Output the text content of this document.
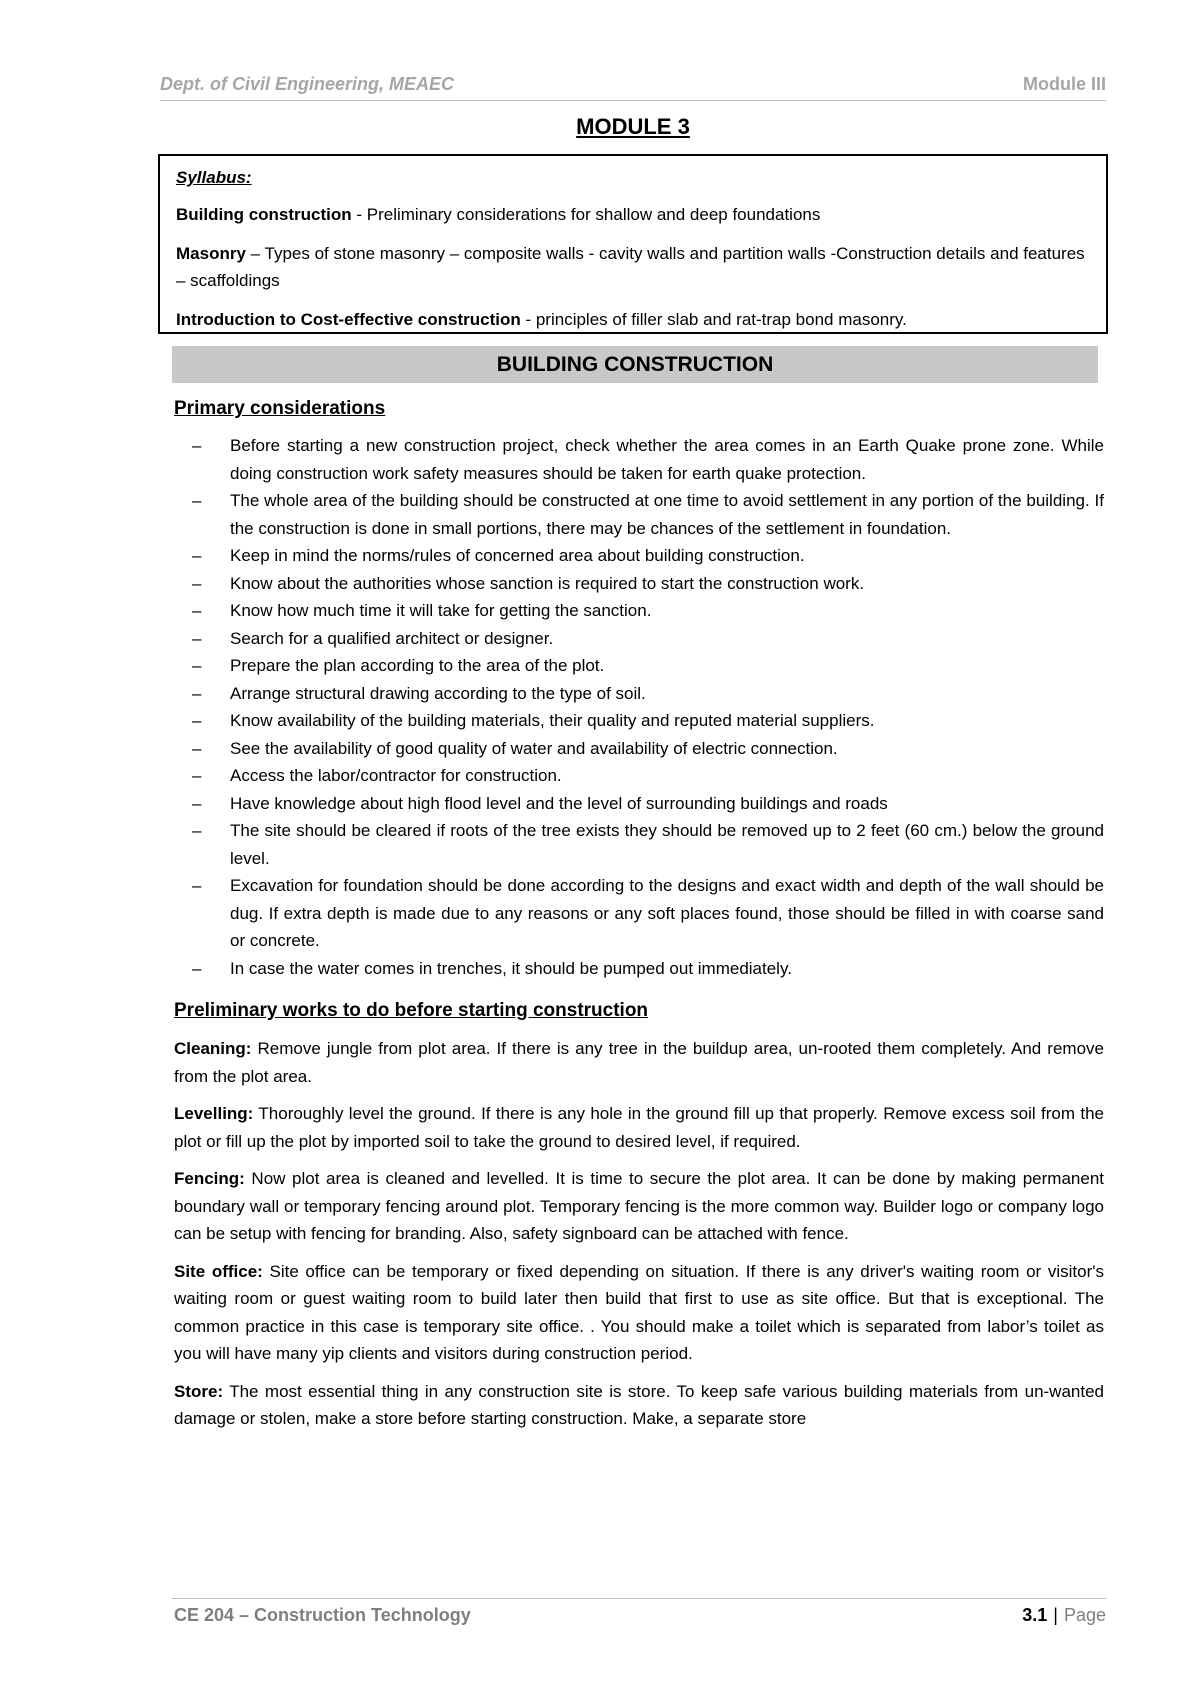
Dept. of Civil Engineering, MEAEC	Module III
MODULE 3

Syllabus:

Building construction - Preliminary considerations for shallow and deep foundations

Masonry – Types of stone masonry – composite walls - cavity walls and partition walls -Construction details and features – scaffoldings

Introduction to Cost-effective construction - principles of filler slab and rat-trap bond masonry.

BUILDING CONSTRUCTION
Primary considerations
– Before starting a new construction project, check whether the area comes in an Earth Quake prone zone. While doing construction work safety measures should be taken for earth quake protection.
– The whole area of the building should be constructed at one time to avoid settlement in any portion of the building. If the construction is done in small portions, there may be chances of the settlement in foundation.
– Keep in mind the norms/rules of concerned area about building construction.
– Know about the authorities whose sanction is required to start the construction work.
– Know how much time it will take for getting the sanction.
– Search for a qualified architect or designer.
– Prepare the plan according to the area of the plot.
– Arrange structural drawing according to the type of soil.
– Know availability of the building materials, their quality and reputed material suppliers.
– See the availability of good quality of water and availability of electric connection.
– Access the labor/contractor for construction.
– Have knowledge about high flood level and the level of surrounding buildings and roads
– The site should be cleared if roots of the tree exists they should be removed up to 2 feet (60 cm.) below the ground level.
– Excavation for foundation should be done according to the designs and exact width and depth of the wall should be dug. If extra depth is made due to any reasons or any soft places found, those should be filled in with coarse sand or concrete.
– In case the water comes in trenches, it should be pumped out immediately.
Preliminary works to do before starting construction

Cleaning: Remove jungle from plot area. If there is any tree in the buildup area, un-rooted them completely. And remove from the plot area.

Levelling: Thoroughly level the ground. If there is any hole in the ground fill up that properly. Remove excess soil from the plot or fill up the plot by imported soil to take the ground to desired level, if required.

Fencing: Now plot area is cleaned and levelled. It is time to secure the plot area. It can be done by making permanent boundary wall or temporary fencing around plot. Temporary fencing is the more common way. Builder logo or company logo can be setup with fencing for branding. Also, safety signboard can be attached with fence.

Site office: Site office can be temporary or fixed depending on situation. If there is any driver's waiting room or visitor's waiting room or guest waiting room to build later then build that first to use as site office. But that is exceptional. The common practice in this case is temporary site office. . You should make a toilet which is separated from labor’s toilet as you will have many yip clients and visitors during construction period.

Store: The most essential thing in any construction site is store. To keep safe various building materials from un-wanted damage or stolen, make a store before starting construction. Make, a separate store

CE 204 – Construction Technology	3.1 | Page
